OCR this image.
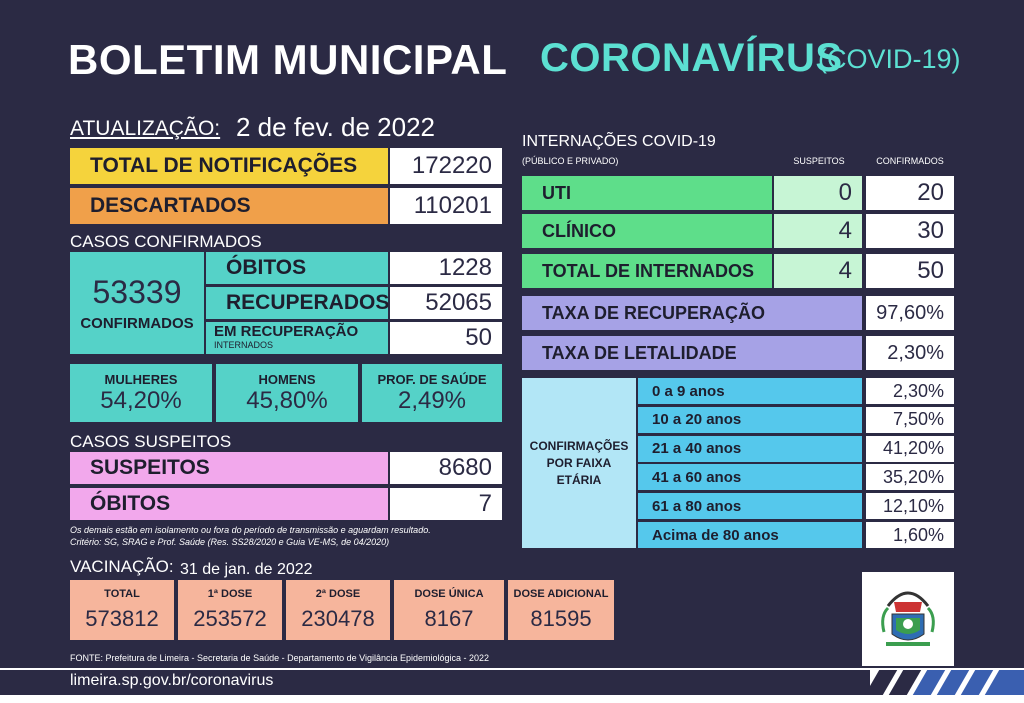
BOLETIM MUNICIPAL CORONAVÍRUS
(COVID-19)
ATUALIZAÇÃO: 2 de fev. de 2022
TOTAL DE NOTIFICAÇÕES	172220
DESCARTADOS	110201
CASOS CONFIRMADOS
53339
CONFIRMADOS
ÓBITOS	1228
RECUPERADOS	52065
EM RECUPERAÇÃO
INTERNADOS	50
MULHERES
54,20%
HOMENS
45,80%
PROF. DE SAÚDE
2,49%
CASOS SUSPEITOS
SUSPEITOS	8680
ÓBITOS	7
Os demais estão em isolamento ou fora do período de transmissão e aguardam resultado.
Critério: SG, SRAG e Prof. Saúde (Res. SS28/2020 e Guia VE-MS, de 04/2020)
INTERNAÇÕES COVID-19
(PÚBLICO E PRIVADO)	SUSPEITOS	CONFIRMADOS
UTI	0	20
CLÍNICO	4	30
TOTAL DE INTERNADOS	4	50
TAXA DE RECUPERAÇÃO	97,60%
TAXA DE LETALIDADE	2,30%
CONFIRMAÇÕES POR FAIXA ETÁRIA
0 a 9 anos	2,30%
10 a 20 anos	7,50%
21 a 40 anos	41,20%
41 a 60 anos	35,20%
61 a 80 anos	12,10%
Acima de 80 anos	1,60%
VACINAÇÃO: 31 de jan. de 2022
TOTAL
573812
1ª DOSE
253572
2ª DOSE
230478
DOSE ÚNICA
8167
DOSE ADICIONAL
81595
FONTE: Prefeitura de Limeira - Secretaria de Saúde - Departamento de Vigilância Epidemiológica - 2022
limeira.sp.gov.br/coronavirus
